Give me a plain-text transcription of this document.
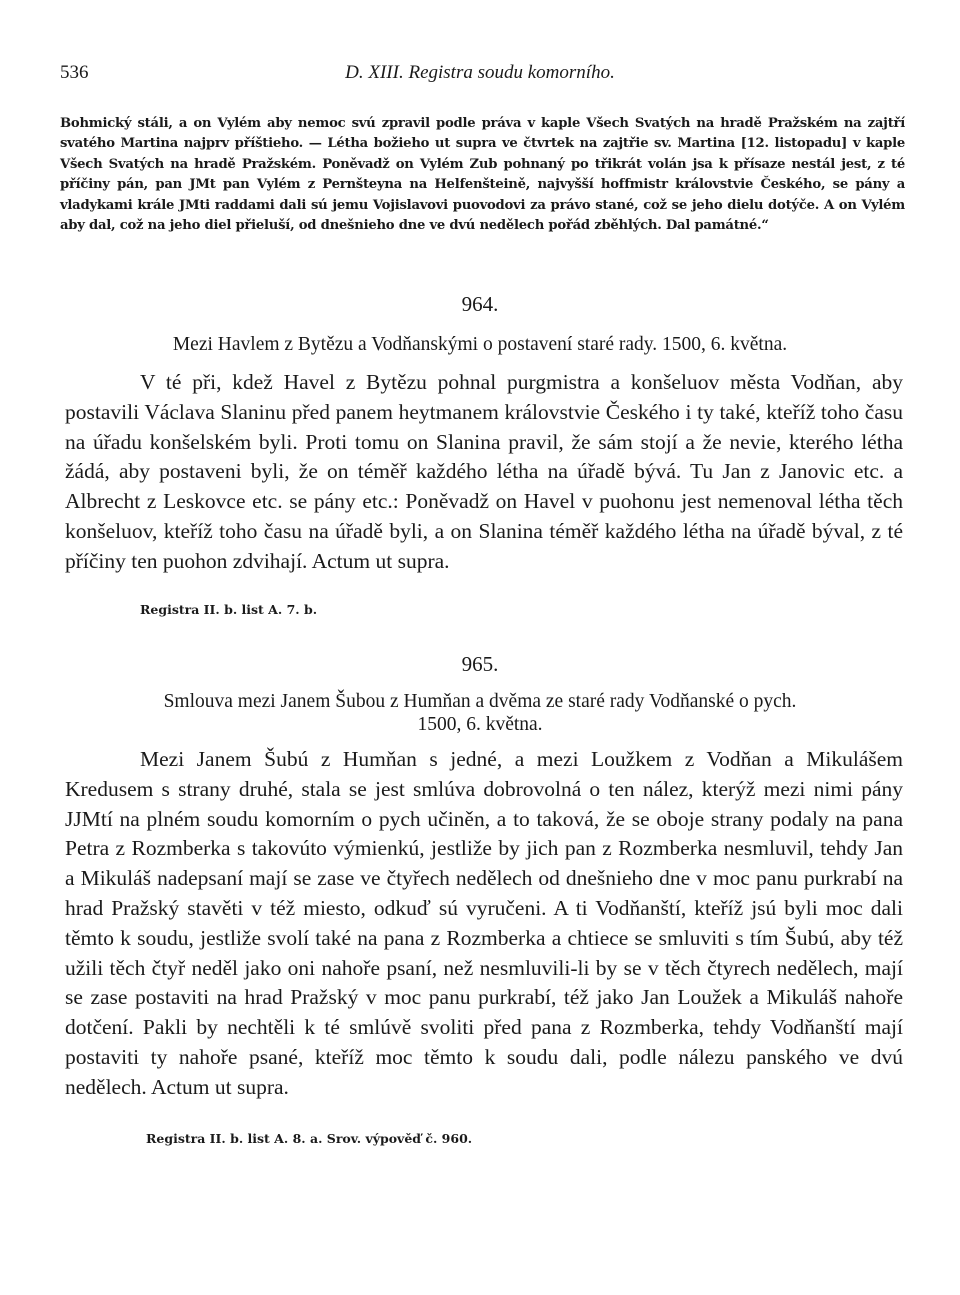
536	D. XIII. Registra soudu komorního.
Bohmický stáli, a on Vylém aby nemoc svú zpravil podle práva v kaple Všech Svatých na hradě Pražském na zajtří svatého Martina najprv příštieho. — Létha božieho ut supra ve čtvrtek na zajtřie sv. Martina [12. listopadu] v kaple Všech Svatých na hradě Pražském. Poněvadž on Vylém Zub pohnaný po třikrát volán jsa k přísaze nestál jest, z té příčiny pán, pan JMt pan Vylém z Pernšteyna na Helfenšteině, najvyšší hoffmistr královstvie Českého, se pány a vladykami krále JMti raddami dali sú jemu Vojislavovi puovodovi za právo stané, což se jeho dielu dotýče. A on Vylém aby dal, což na jeho diel přieluší, od dnešnieho dne ve dvú nedělech pořád zběhlých. Dal památné.“
964.
Mezi Havlem z Bytězu a Vodňanskými o postavení staré rady. 1500, 6. května.
V té při, kdež Havel z Bytězu pohnal purgmistra a konšeluov města Vodňan, aby postavili Václava Slaninu před panem heytmanem královstvie Českého i ty také, kteříž toho času na úřadu konšelském byli. Proti tomu on Slanina pravil, že sám stojí a že nevie, kterého létha žádá, aby postaveni byli, že on téměř každého létha na úřadě bývá. Tu Jan z Janovic etc. a Albrecht z Leskovce etc. se pány etc.: Poněvadž on Havel v puohonu jest nemenoval létha těch konšeluov, kteříž toho času na úřadě byli, a on Slanina téměř každého létha na úřadě býval, z té příčiny ten puohon zdvihají. Actum ut supra.
Registra II. b. list A. 7. b.
965.
Smlouva mezi Janem Šubou z Humňan a dvěma ze staré rady Vodňanské o pych.
1500, 6. května.
Mezi Janem Šubú z Humňan s jedné, a mezi Loužkem z Vodňan a Mikulášem Kredusem s strany druhé, stala se jest smlúva dobrovolná o ten nález, kterýž mezi nimi pány JJMtí na plném soudu komorním o pych učiněn, a to taková, že se oboje strany podaly na pana Petra z Rozmberka s takovúto výmienkú, jestliže by jich pan z Rozmberka nesmluvil, tehdy Jan a Mikuláš nadepsaní mají se zase ve čtyřech nedělech od dnešnieho dne v moc panu purkrabí na hrad Pražský stavěti v též miesto, odkuď sú vyručeni. A ti Vodňanští, kteříž jsú byli moc dali těmto k soudu, jestliže svolí také na pana z Rozmberka a chtiece se smluviti s tím Šubú, aby též užili těch čtyř neděl jako oni nahoře psaní, než nesmluvili-li by se v těch čtyrech nedělech, mají se zase postaviti na hrad Pražský v moc panu purkrabí, též jako Jan Loužek a Mikuláš nahoře dotčení. Pakli by nechtěli k té smlúvě svoliti před pana z Rozmberka, tehdy Vodňanští mají postaviti ty nahoře psané, kteříž moc těmto k soudu dali, podle nálezu panského ve dvú nedělech. Actum ut supra.
Registra II. b. list A. 8. a. Srov. výpověď č. 960.
